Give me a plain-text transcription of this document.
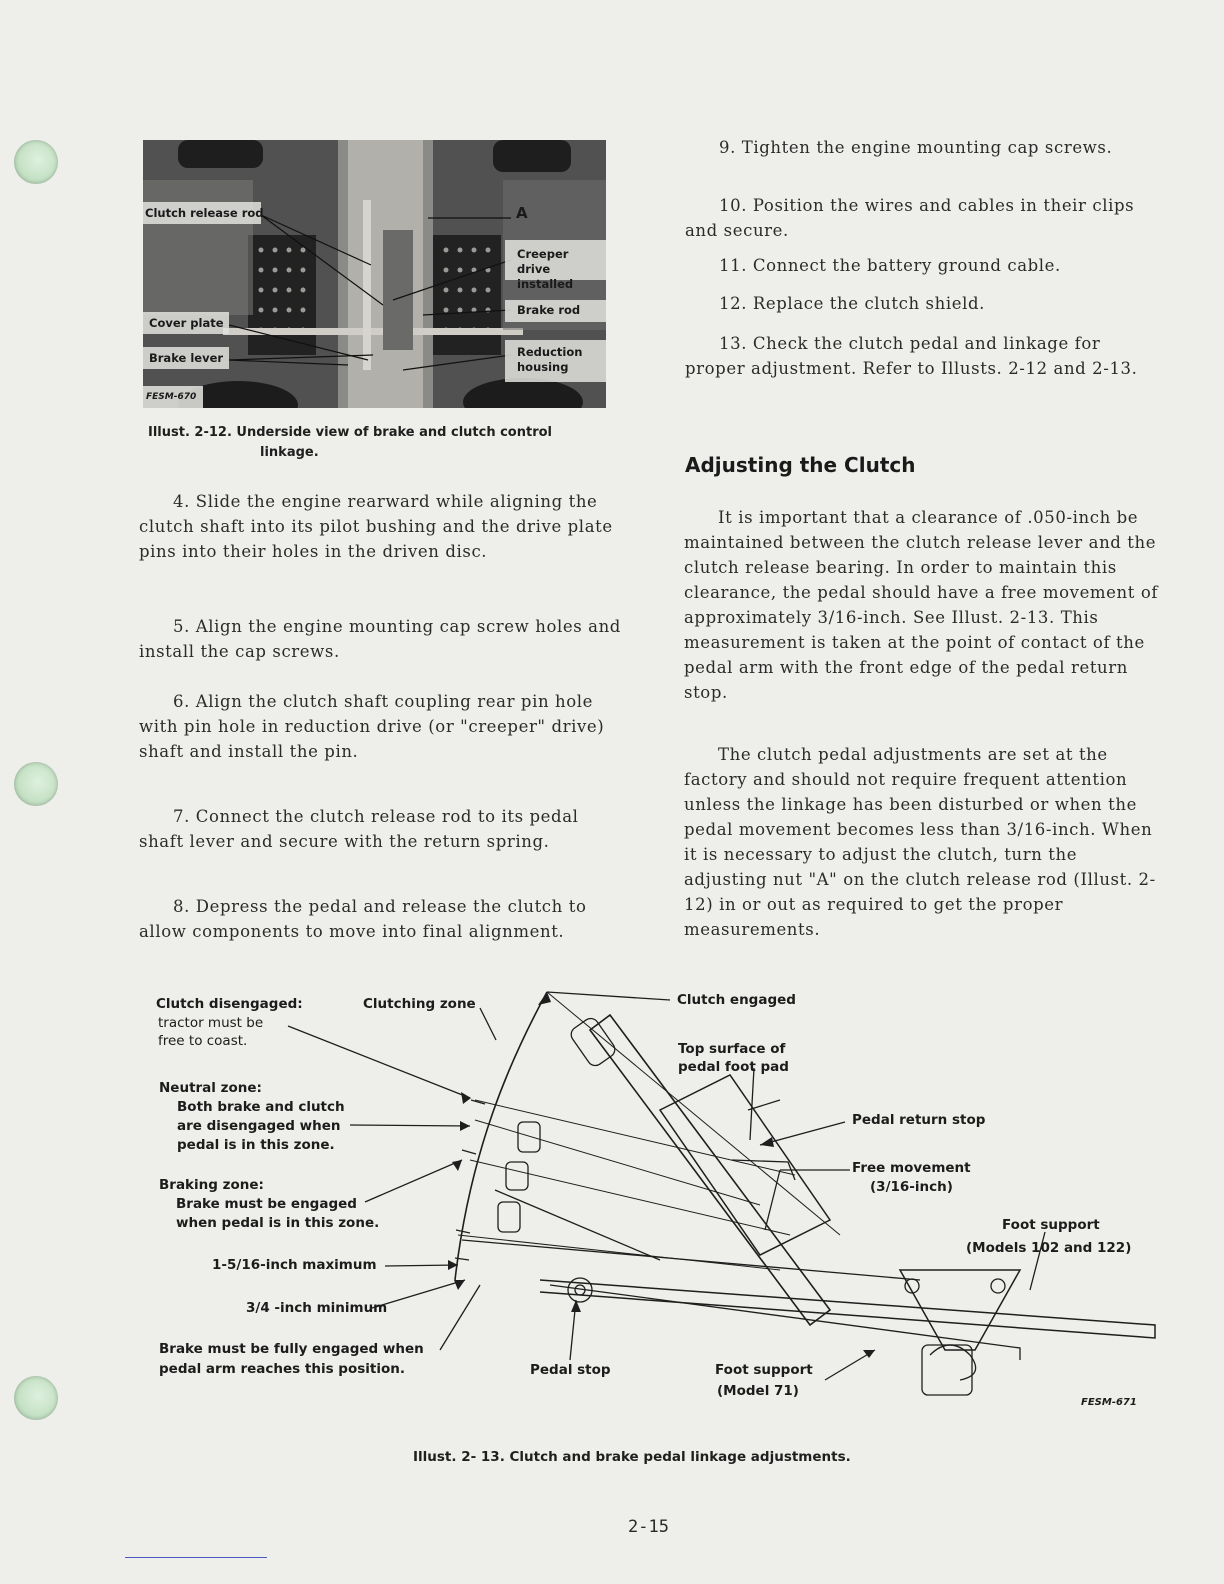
Clutch release rod	A
Creeper drive installed
Brake rod
Cover plate
Brake lever	Reduction housing
FESM-670
Illust. 2-12. Underside view of brake and clutch control
linkage.

4. Slide the engine rearward while aligning the clutch shaft into its pilot bushing and the drive plate pins into their holes in the driven disc.

5. Align the engine mounting cap screw holes and install the cap screws.

6. Align the clutch shaft coupling rear pin hole with pin hole in reduction drive (or "creeper" drive) shaft and install the pin.

7. Connect the clutch release rod to its pedal shaft lever and secure with the return spring.

8. Depress the pedal and release the clutch to allow components to move into final alignment.

9. Tighten the engine mounting cap screws.

10. Position the wires and cables in their clips and secure.

11. Connect the battery ground cable.

12. Replace the clutch shield.

13. Check the clutch pedal and linkage for proper adjustment. Refer to Illusts. 2-12 and 2-13.

Adjusting the Clutch

It is important that a clearance of .050-inch be maintained between the clutch release lever and the clutch release bearing. In order to maintain this clearance, the pedal should have a free movement of approximately 3/16-inch. See Illust. 2-13. This measurement is taken at the point of contact of the pedal arm with the front edge of the pedal return stop.

The clutch pedal adjustments are set at the factory and should not require frequent attention unless the linkage has been disturbed or when the pedal movement becomes less than 3/16-inch. When it is necessary to adjust the clutch, turn the adjusting nut "A" on the clutch release rod (Illust. 2-12) in or out as required to get the proper measurements.

Clutch disengaged:
tractor must be
free to coast.
Clutching zone	Clutch engaged
Top surface of
pedal foot pad
Neutral zone:
Both brake and clutch
are disengaged when
pedal is in this zone.
Pedal return stop
Free movement
(3/16-inch)
Braking zone:
Brake must be engaged
when pedal is in this zone.	Foot support
(Models 102 and 122)
1-5/16-inch maximum
3/4 -inch minimum
Brake must be fully engaged when
pedal arm reaches this position.	Pedal stop	Foot support
(Model 71)
FESM-671
Illust. 2- 13. Clutch and brake pedal linkage adjustments.
2-15
